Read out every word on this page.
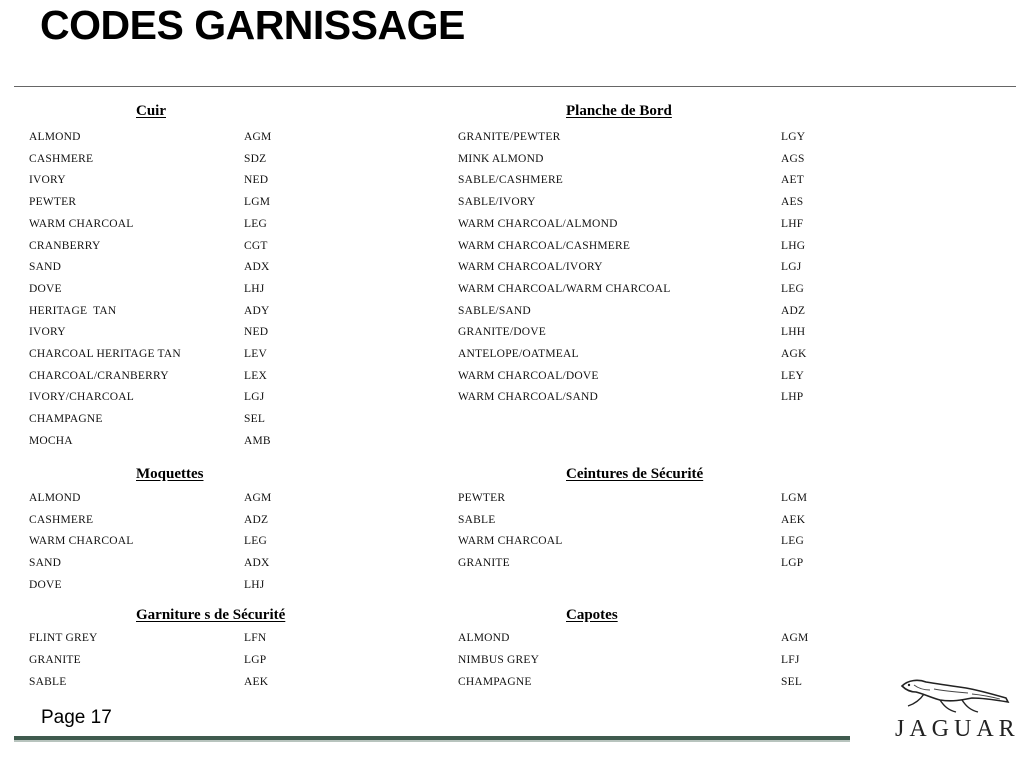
CODES GARNISSAGE
Cuir
ALMOND	AGM
CASHMERE	SDZ
IVORY	NED
PEWTER	LGM
WARM CHARCOAL	LEG
CRANBERRY	CGT
SAND	ADX
DOVE	LHJ
HERITAGE  TAN	ADY
IVORY	NED
CHARCOAL HERITAGE TAN	LEV
CHARCOAL/CRANBERRY	LEX
IVORY/CHARCOAL	LGJ
CHAMPAGNE	SEL
MOCHA	AMB
Planche de Bord
GRANITE/PEWTER	LGY
MINK ALMOND	AGS
SABLE/CASHMERE	AET
SABLE/IVORY	AES
WARM CHARCOAL/ALMOND	LHF
WARM CHARCOAL/CASHMERE	LHG
WARM CHARCOAL/IVORY	LGJ
WARM CHARCOAL/WARM CHARCOAL	LEG
SABLE/SAND	ADZ
GRANITE/DOVE	LHH
ANTELOPE/OATMEAL	AGK
WARM CHARCOAL/DOVE	LEY
WARM CHARCOAL/SAND	LHP
Moquettes
ALMOND	AGM
CASHMERE	ADZ
WARM CHARCOAL	LEG
SAND	ADX
DOVE	LHJ
Ceintures de Sécurité
PEWTER	LGM
SABLE	AEK
WARM CHARCOAL	LEG
GRANITE	LGP
Garniture s de Sécurité
FLINT GREY	LFN
GRANITE	LGP
SABLE	AEK
Capotes
ALMOND	AGM
NIMBUS GREY	LFJ
CHAMPAGNE	SEL
Page 17	JAGUAR
